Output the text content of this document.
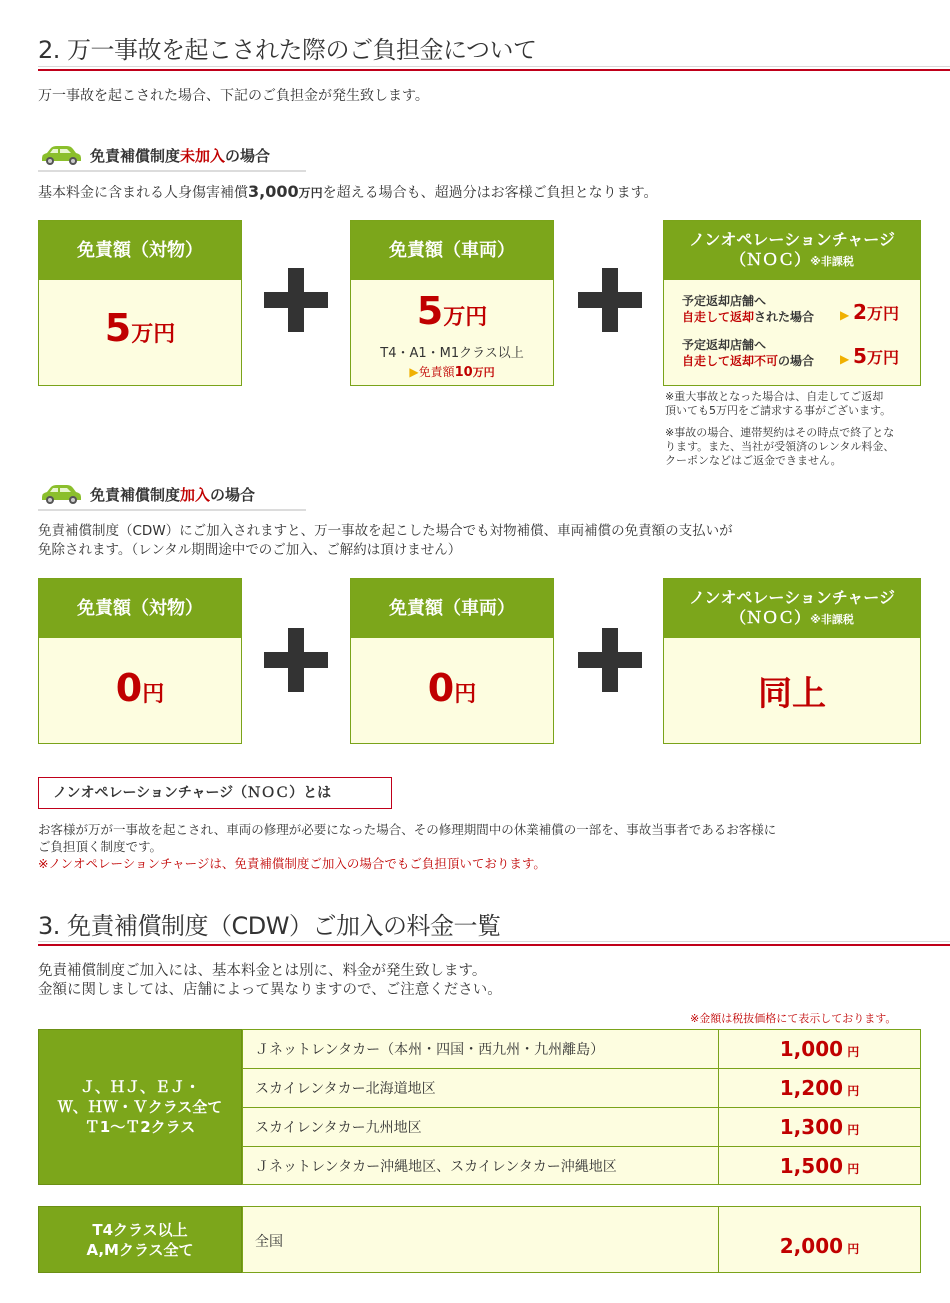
2. 万一事故を起こされた際のご負担金について
万一事故を起こされた場合、下記のご負担金が発生致します。
免責補償制度未加入の場合
基本料金に含まれる人身傷害補償3,000万円を超える場合も、超過分はお客様ご負担となります。
免責額（対物）
5万円
免責額（車両）
5万円
T4・A1・M1クラス以上
▶免責額10万円
ノンオペレーションチャージ
（ＮＯＣ）※非課税
予定返却店舗へ
自走して返却された場合 ▶ 2万円
予定返却店舗へ
自走して返却不可の場合 ▶ 5万円
※重大事故となった場合は、自走してご返却
頂いても5万円をご請求する事がございます。
※事故の場合、連帯契約はその時点で終了とな
ります。また、当社が受領済のレンタル料金、
クーポンなどはご返金できません。
免責補償制度加入の場合
免責補償制度（CDW）にご加入されますと、万一事故を起こした場合でも対物補償、車両補償の免責額の支払いが
免除されます。（レンタル期間途中でのご加入、ご解約は頂けません）
免責額（対物）
0円
免責額（車両）
0円
ノンオペレーションチャージ
（ＮＯＣ）※非課税
同上
ノンオペレーションチャージ（ＮＯＣ）とは
お客様が万が一事故を起こされ、車両の修理が必要になった場合、その修理期間中の休業補償の一部を、事故当事者であるお客様に
ご負担頂く制度です。
※ノンオペレーションチャージは、免責補償制度ご加入の場合でもご負担頂いております。
3. 免責補償制度（CDW）ご加入の料金一覧
免責補償制度ご加入には、基本料金とは別に、料金が発生致します。
金額に関しましては、店舗によって異なりますので、ご注意ください。
※金額は税抜価格にて表示しております。
Ｊ、ＨＪ、ＥＪ・
Ｗ、ＨＷ・Ｖクラス全て
Ｔ1～Ｔ2クラス
Ｊネットレンタカー（本州・四国・西九州・九州離島）	1,000
円
スカイレンタカー北海道地区	1,200
円
スカイレンタカー九州地区	1,300
円
Ｊネットレンタカー沖縄地区、スカイレンタカー沖縄地区	1,500
円
T4クラス以上
A,Mクラス全て	全国	2,000
円
